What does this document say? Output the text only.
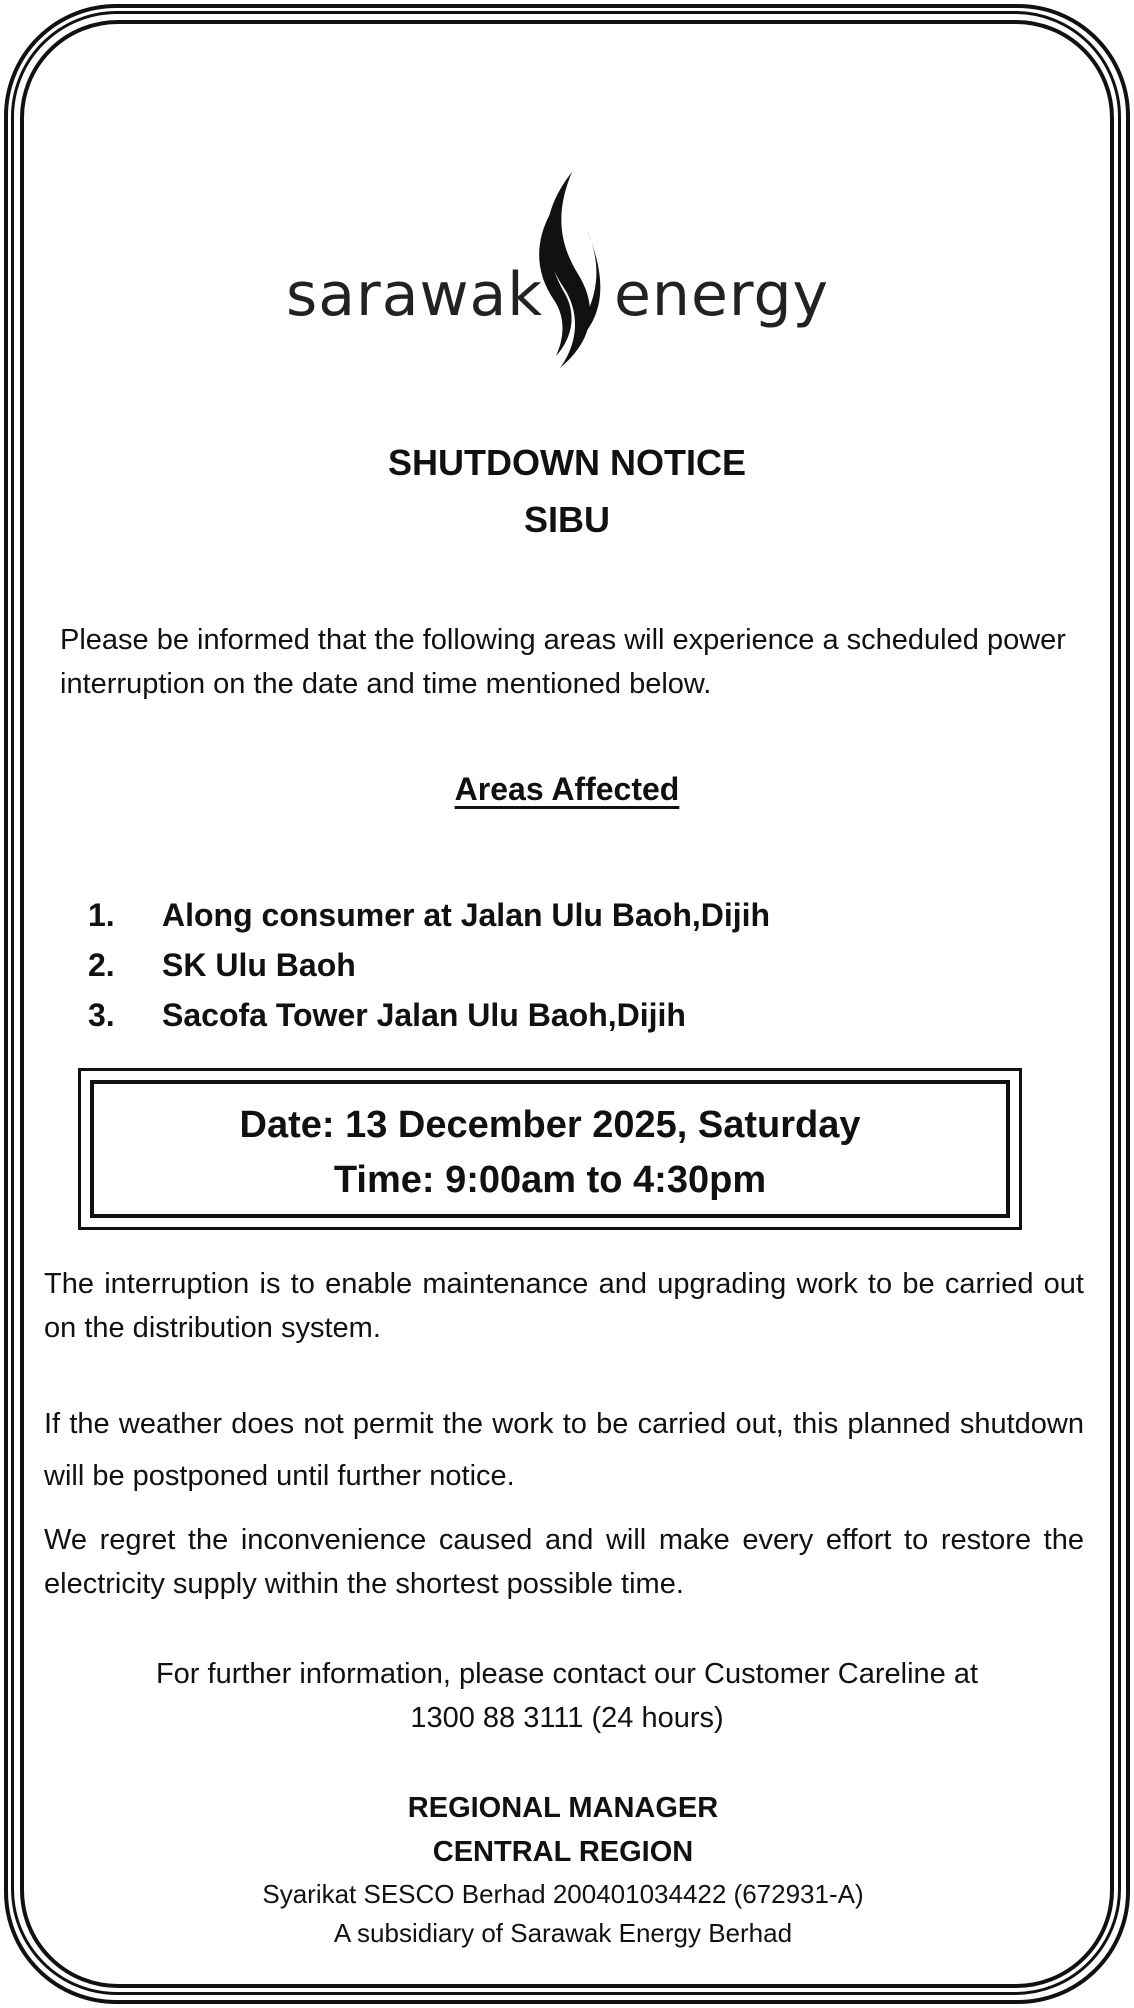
sarawak energy
SHUTDOWN NOTICE
SIBU
Please be informed that the following areas will experience a scheduled power interruption on the date and time mentioned below.
Areas Affected
1. Along consumer at Jalan Ulu Baoh,Dijih
2. SK Ulu Baoh
3. Sacofa Tower Jalan Ulu Baoh,Dijih
Date: 13 December 2025, Saturday
Time: 9:00am to 4:30pm
The interruption is to enable maintenance and upgrading work to be carried out on the distribution system.
If the weather does not permit the work to be carried out, this planned shutdown will be postponed until further notice.
We regret the inconvenience caused and will make every effort to restore the electricity supply within the shortest possible time.
For further information, please contact our Customer Careline at
1300 88 3111 (24 hours)
REGIONAL MANAGER
CENTRAL REGION
Syarikat SESCO Berhad 200401034422 (672931-A)
A subsidiary of Sarawak Energy Berhad
